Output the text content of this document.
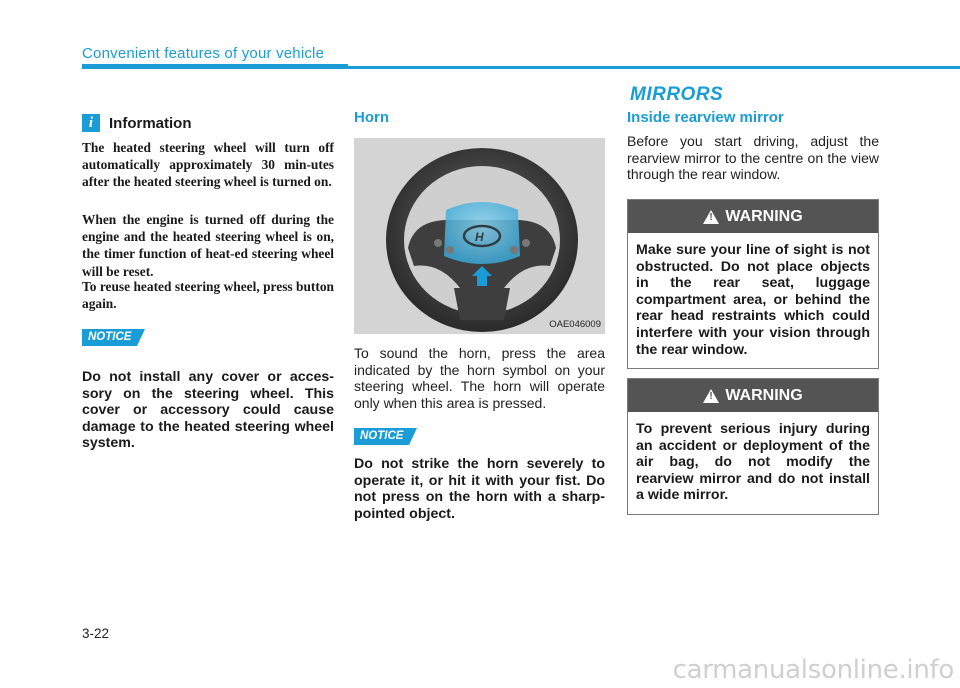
Convenient features of your vehicle
i	Information

The heated steering wheel will turn off automatically approximately 30 min-utes after the heated steering wheel is turned on.

When the engine is turned off during the engine and the heated steering wheel is on, the timer function of heat-ed steering wheel will be reset.

To reuse heated steering wheel, press button again.

NOTICE

Do not install any cover or acces-sory on the steering wheel. This cover or accessory could cause damage to the heated steering wheel system.

Horn
H
OAE046009

To sound the horn, press the area indicated by the horn symbol on your steering wheel. The horn will operate only when this area is pressed.

NOTICE

Do not strike the horn severely to operate it, or hit it with your fist. Do not press on the horn with a sharp-pointed object.

MIRRORS
Inside rearview mirror

Before you start driving, adjust the rearview mirror to the centre on the view through the rear window.

! WARNING
Make sure your line of sight is not obstructed. Do not place objects in the rear seat, luggage compartment area, or behind the rear head restraints which could interfere with your vision through the rear window.
! WARNING
To prevent serious injury during an accident or deployment of the air bag, do not modify the rearview mirror and do not install a wide mirror.
3-22
carmanualsonline.info
